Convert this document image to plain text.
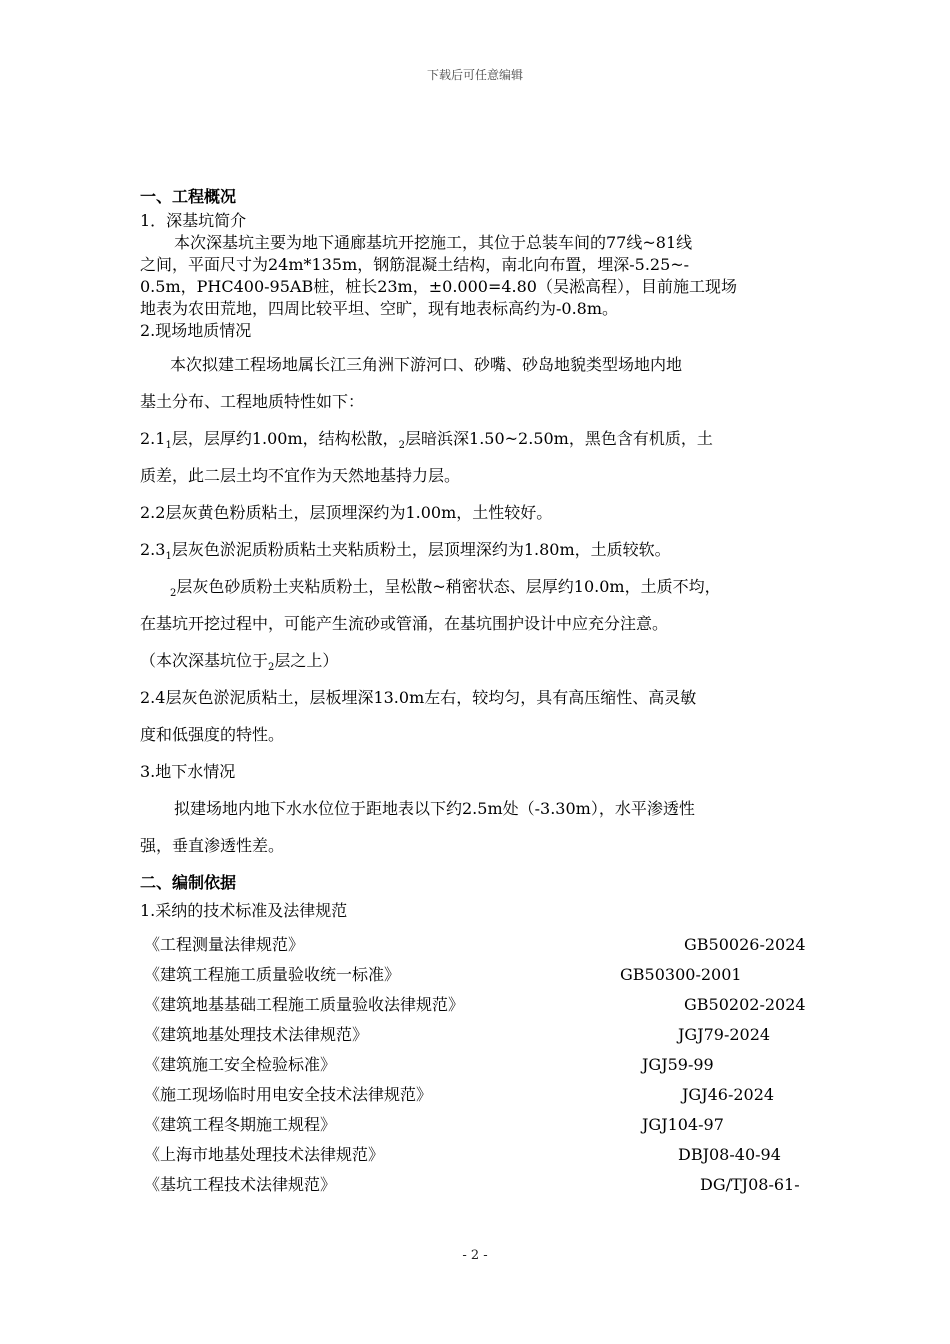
下载后可任意编辑
一、工程概况
1．深基坑简介
本次深基坑主要为地下通廊基坑开挖施工，其位于总装车间的77线~81线
之间，平面尺寸为24m*135m，钢筋混凝土结构，南北向布置，埋深-5.25~-
0.5m，PHC400-95AB桩，桩长23m，±0.000=4.80（吴淞高程），目前施工现场
地表为农田荒地，四周比较平坦、空旷，现有地表标高约为-0.8m。
2.现场地质情况
本次拟建工程场地属长江三角洲下游河口、砂嘴、砂岛地貌类型场地内地
基土分布、工程地质特性如下：
$2.1_1$层，层厚约1.00m，结构松散，$_2$层暗浜深1.50~2.50m，黑色含有机质，土
质差，此二层土均不宜作为天然地基持力层。
2.2层灰黄色粉质粘土，层顶埋深约为1.00m，土性较好。
$2.3_1$层灰色淤泥质粉质粘土夹粘质粉土，层顶埋深约为1.80m，土质较软。
$_2$层灰色砂质粉土夹粘质粉土，呈松散~稍密状态、层厚约10.0m，土质不均，
在基坑开挖过程中，可能产生流砂或管涌，在基坑围护设计中应充分注意。
（本次深基坑位于$_2$层之上）
2.4层灰色淤泥质粘土，层板埋深13.0m左右，较均匀，具有高压缩性、高灵敏
度和低强度的特性。
3.地下水情况
拟建场地内地下水水位位于距地表以下约2.5m处（-3.30m），水平渗透性
强，垂直渗透性差。
二、编制依据
1.采纳的技术标准及法律规范
《工程测量法律规范》	GB50026-2024
《建筑工程施工质量验收统一标准》	GB50300-2001
《建筑地基基础工程施工质量验收法律规范》	GB50202-2024
《建筑地基处理技术法律规范》	JGJ79-2024
《建筑施工安全检验标准》	JGJ59-99
《施工现场临时用电安全技术法律规范》	JGJ46-2024
《建筑工程冬期施工规程》	JGJ104-97
《上海市地基处理技术法律规范》	DBJ08-40-94
《基坑工程技术法律规范》	DG/TJ08-61-
- 2 -
